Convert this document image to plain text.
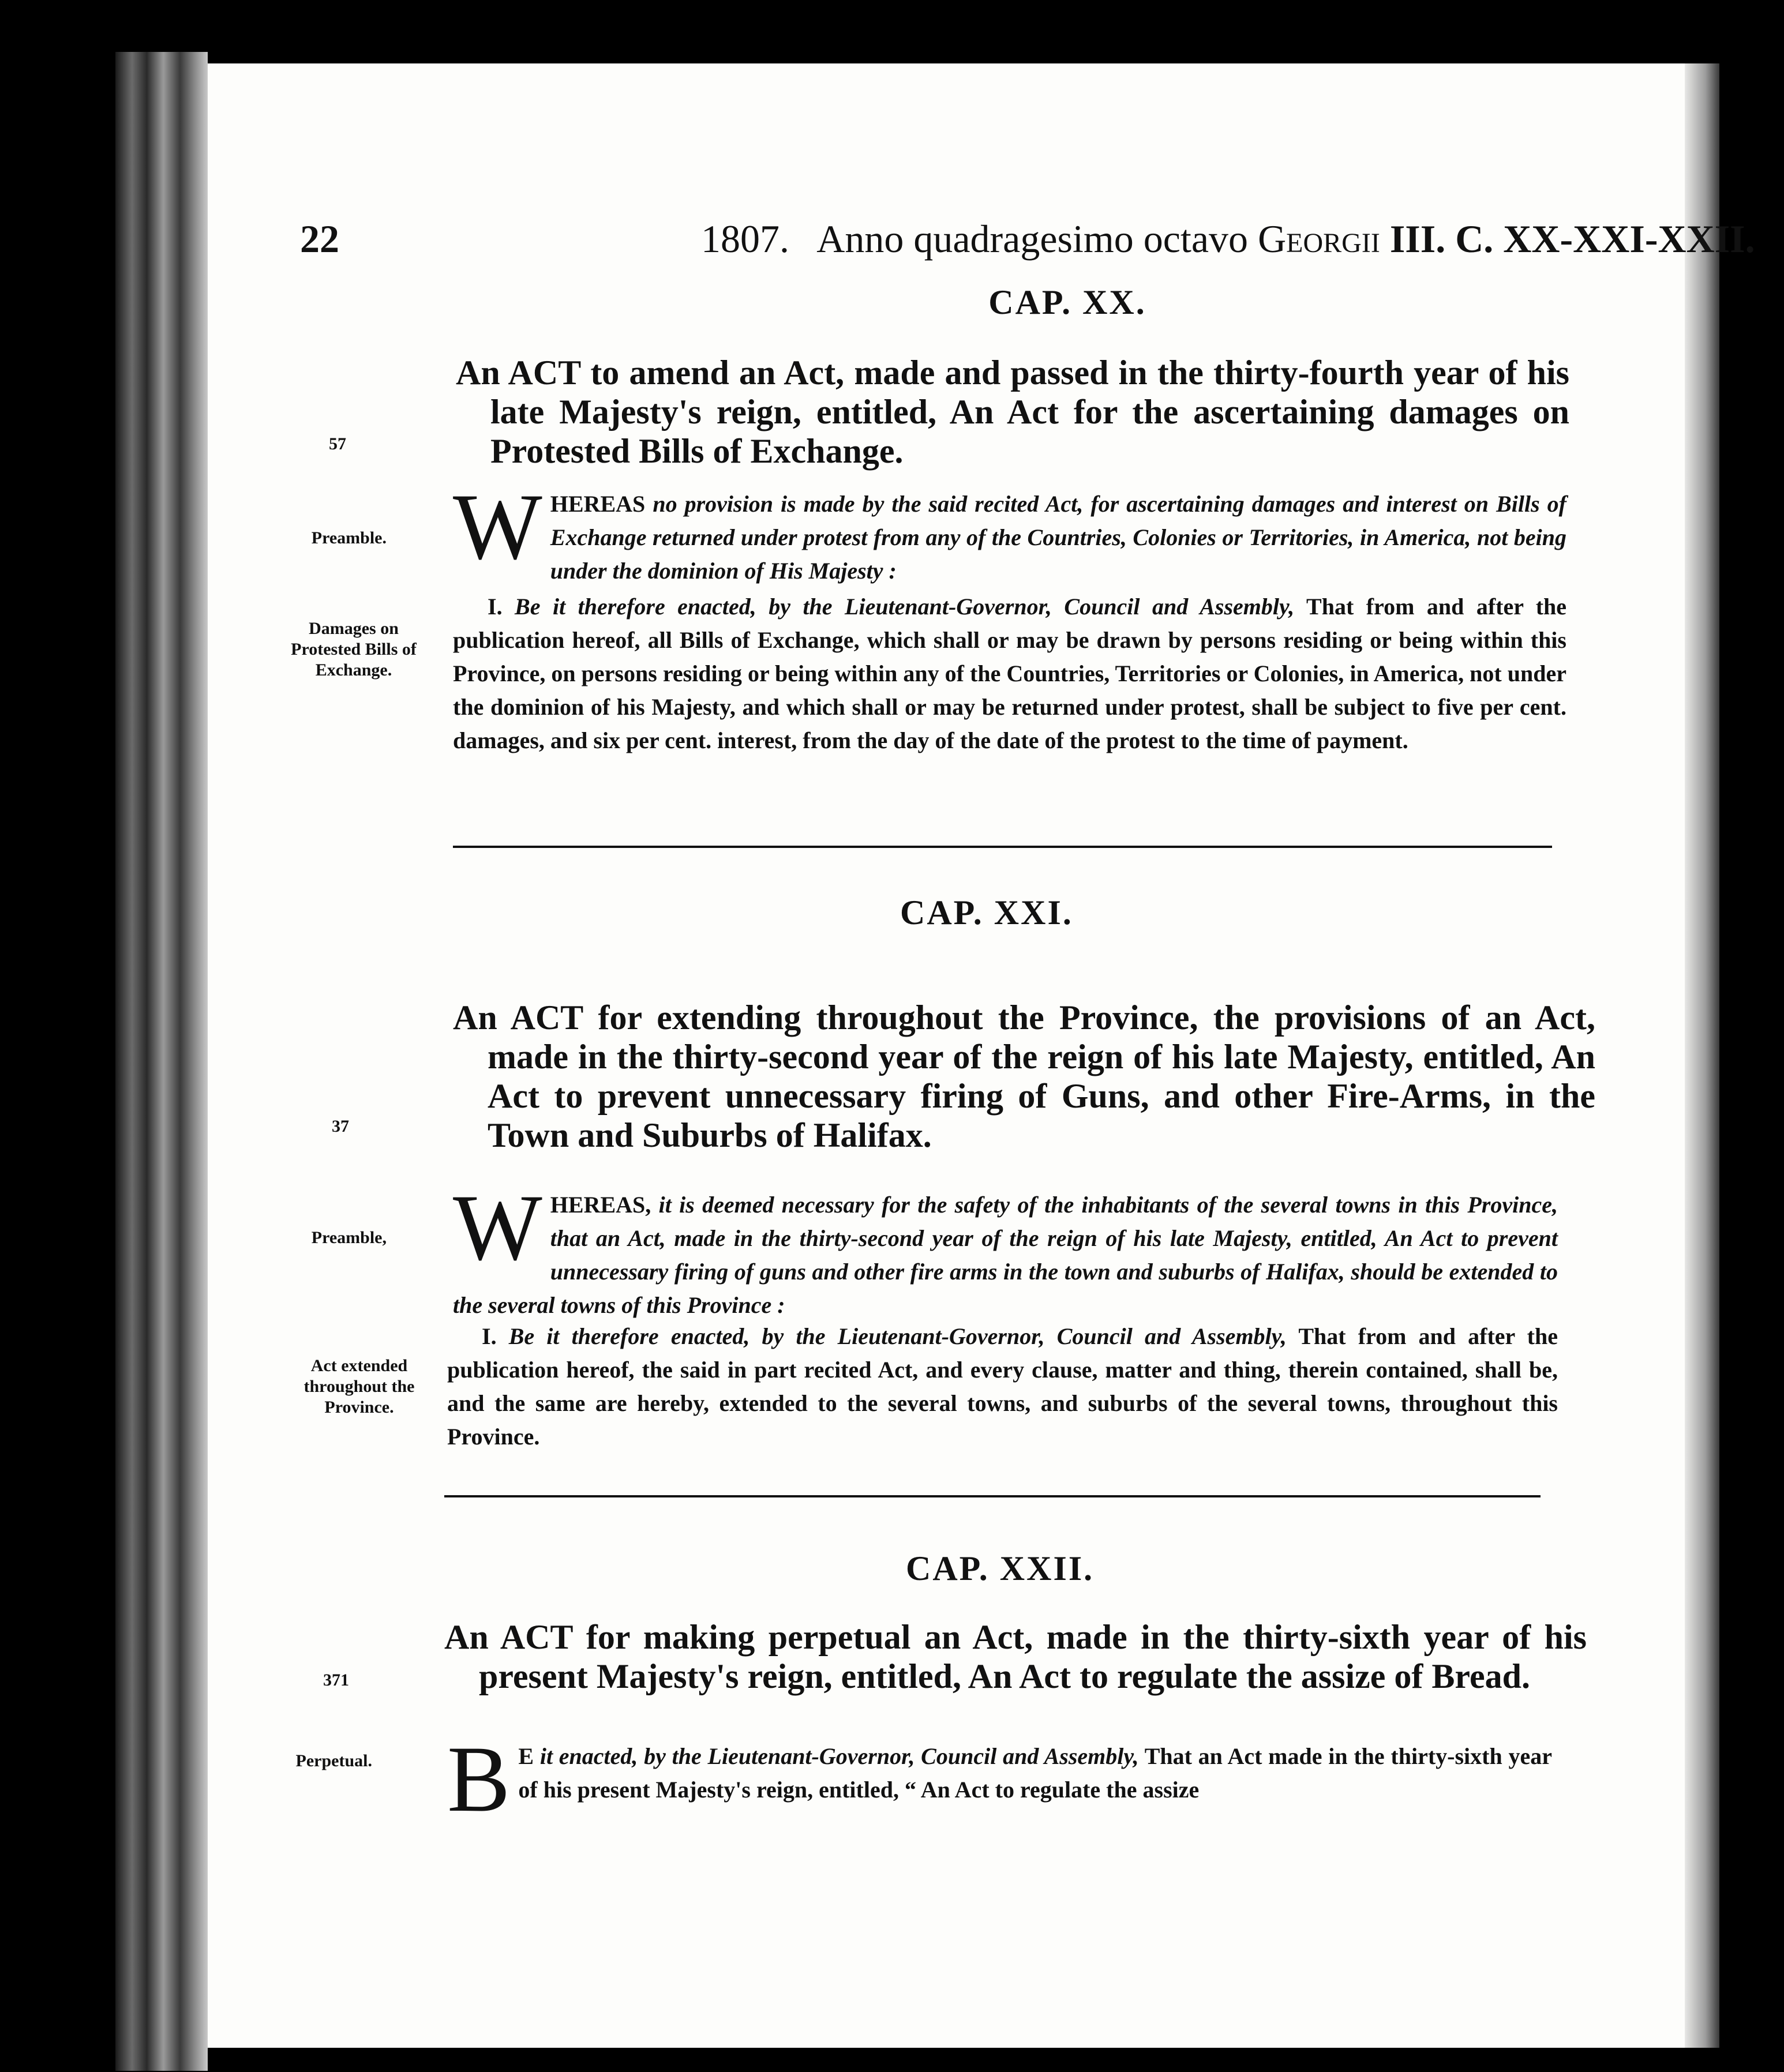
22	1807. Anno quadragesimo octavo Georgii III. C. XX-XXI-XXII.
CAP. XX.
An ACT to amend an Act, made and passed in the thirty-fourth year of his late Majesty's reign, entitled, An Act for the ascertaining damages on Protested Bills of Exchange.
57
Preamble.
Damages on Protested Bills of Exchange.
WHEREAS no provision is made by the said recited Act, for ascertaining damages and interest on Bills of Exchange returned under protest from any of the Countries, Colonies or Territories, in America, not being under the dominion of His Majesty :
I. Be it therefore enacted, by the Lieutenant-Governor, Council and Assembly, That from and after the publication hereof, all Bills of Exchange, which shall or may be drawn by persons residing or being within this Province, on persons residing or being within any of the Countries, Territories or Colonies, in America, not under the dominion of his Majesty, and which shall or may be returned under protest, shall be subject to five per cent. damages, and six per cent. interest, from the day of the date of the protest to the time of payment.
CAP. XXI.
An ACT for extending throughout the Province, the provisions of an Act, made in the thirty-second year of the reign of his late Majesty, entitled, An Act to prevent unnecessary firing of Guns, and other Fire-Arms, in the Town and Suburbs of Halifax.
37
Preamble,
Act extended throughout the Province.
WHEREAS, it is deemed necessary for the safety of the inhabitants of the several towns in this Province, that an Act, made in the thirty-second year of the reign of his late Majesty, entitled, An Act to prevent unnecessary firing of guns and other fire arms in the town and suburbs of Halifax, should be extended to the several towns of this Province :
I. Be it therefore enacted, by the Lieutenant-Governor, Council and Assembly, That from and after the publication hereof, the said in part recited Act, and every clause, matter and thing, therein contained, shall be, and the same are hereby, extended to the several towns, and suburbs of the several towns, throughout this Province.
CAP. XXII.
An ACT for making perpetual an Act, made in the thirty-sixth year of his present Majesty's reign, entitled, An Act to regulate the assize of Bread.
371
Perpetual. B E it enacted, by the Lieutenant-Governor, Council and Assembly, That an Act made in the thirty-sixth year of his present Majesty's reign, entitled, “ An Act to regulate the assize
